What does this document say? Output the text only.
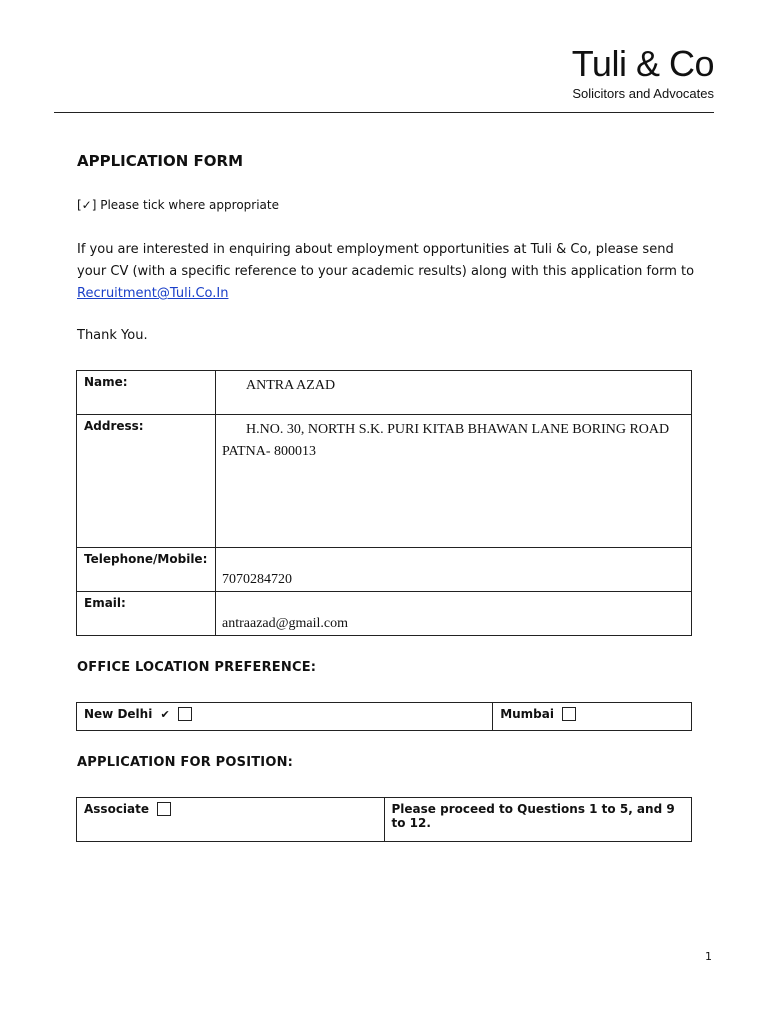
Tuli & Co
Solicitors and Advocates
APPLICATION FORM
[✓] Please tick where appropriate

If you are interested in enquiring about employment opportunities at Tuli & Co, please send your CV (with a specific reference to your academic results) along with this application form to
Recruitment@Tuli.Co.In

Thank You.
Name:	ANTRA AZAD
Address:	H.NO. 30, NORTH S.K. PURI KITAB BHAWAN LANE BORING ROAD PATNA- 800013

Telephone/Mobile:	7070284720
Email:	antraazad@gmail.com
OFFICE LOCATION PREFERENCE:
New Delhi ✔	Mumbai
APPLICATION FOR POSITION:
Associate	Please proceed to Questions 1 to 5, and 9 to 12.
1
